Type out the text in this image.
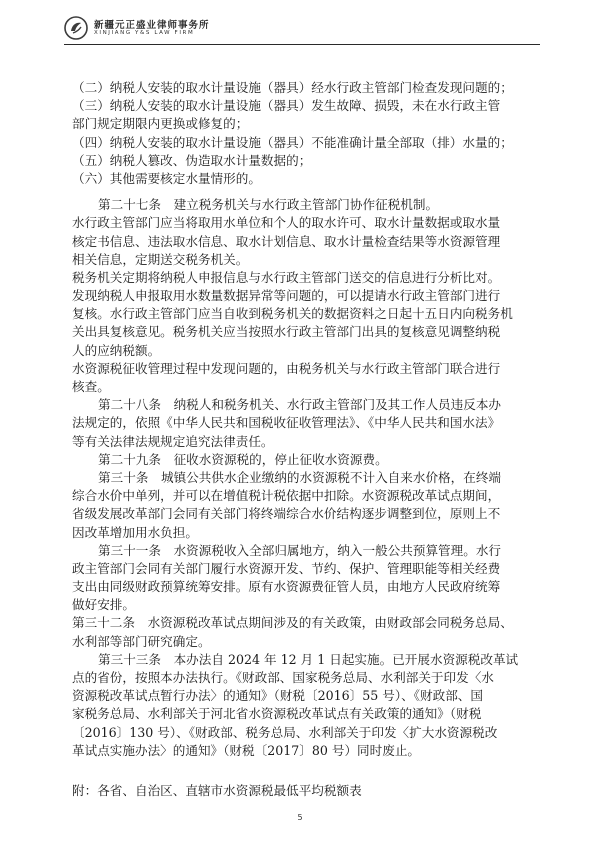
新疆元正盛业律师事务所
XINJIANG Y&S LAW FIRM
（二）纳税人安装的取水计量设施（器具）经水行政主管部门检查发现问题的；
（三）纳税人安装的取水计量设施（器具）发生故障、损毁，未在水行政主管
部门规定期限内更换或修复的；
（四）纳税人安装的取水计量设施（器具）不能准确计量全部取（排）水量的；
（五）纳税人篡改、伪造取水计量数据的；
（六）其他需要核定水量情形的。
第二十七条　建立税务机关与水行政主管部门协作征税机制。
水行政主管部门应当将取用水单位和个人的取水许可、取水计量数据或取水量
核定书信息、违法取水信息、取水计划信息、取水计量检查结果等水资源管理
相关信息，定期送交税务机关。
税务机关定期将纳税人申报信息与水行政主管部门送交的信息进行分析比对。
发现纳税人申报取用水数量数据异常等问题的，可以提请水行政主管部门进行
复核。水行政主管部门应当自收到税务机关的数据资料之日起十五日内向税务机
关出具复核意见。税务机关应当按照水行政主管部门出具的复核意见调整纳税
人的应纳税额。
水资源税征收管理过程中发现问题的，由税务机关与水行政主管部门联合进行
核查。
第二十八条　纳税人和税务机关、水行政主管部门及其工作人员违反本办
法规定的，依照《中华人民共和国税收征收管理法》、《中华人民共和国水法》
等有关法律法规规定追究法律责任。
第二十九条　征收水资源税的，停止征收水资源费。
第三十条　城镇公共供水企业缴纳的水资源税不计入自来水价格，在终端
综合水价中单列，并可以在增值税计税依据中扣除。水资源税改革试点期间，
省级发展改革部门会同有关部门将终端综合水价结构逐步调整到位，原则上不
因改革增加用水负担。
第三十一条　水资源税收入全部归属地方，纳入一般公共预算管理。水行
政主管部门会同有关部门履行水资源开发、节约、保护、管理职能等相关经费
支出由同级财政预算统筹安排。原有水资源费征管人员，由地方人民政府统筹
做好安排。
第三十二条　水资源税改革试点期间涉及的有关政策，由财政部会同税务总局、
水利部等部门研究确定。
第三十三条　本办法自 2024 年 12 月 1 日起实施。已开展水资源税改革试
点的省份，按照本办法执行。《财政部、国家税务总局、水利部关于印发〈水
资源税改革试点暂行办法〉的通知》（财税〔2016〕55 号）、《财政部、国
家税务总局、水利部关于河北省水资源税改革试点有关政策的通知》（财税
〔2016〕130 号）、《财政部、税务总局、水利部关于印发〈扩大水资源税改
革试点实施办法〉的通知》（财税〔2017〕80 号）同时废止。
附：各省、自治区、直辖市水资源税最低平均税额表
5
